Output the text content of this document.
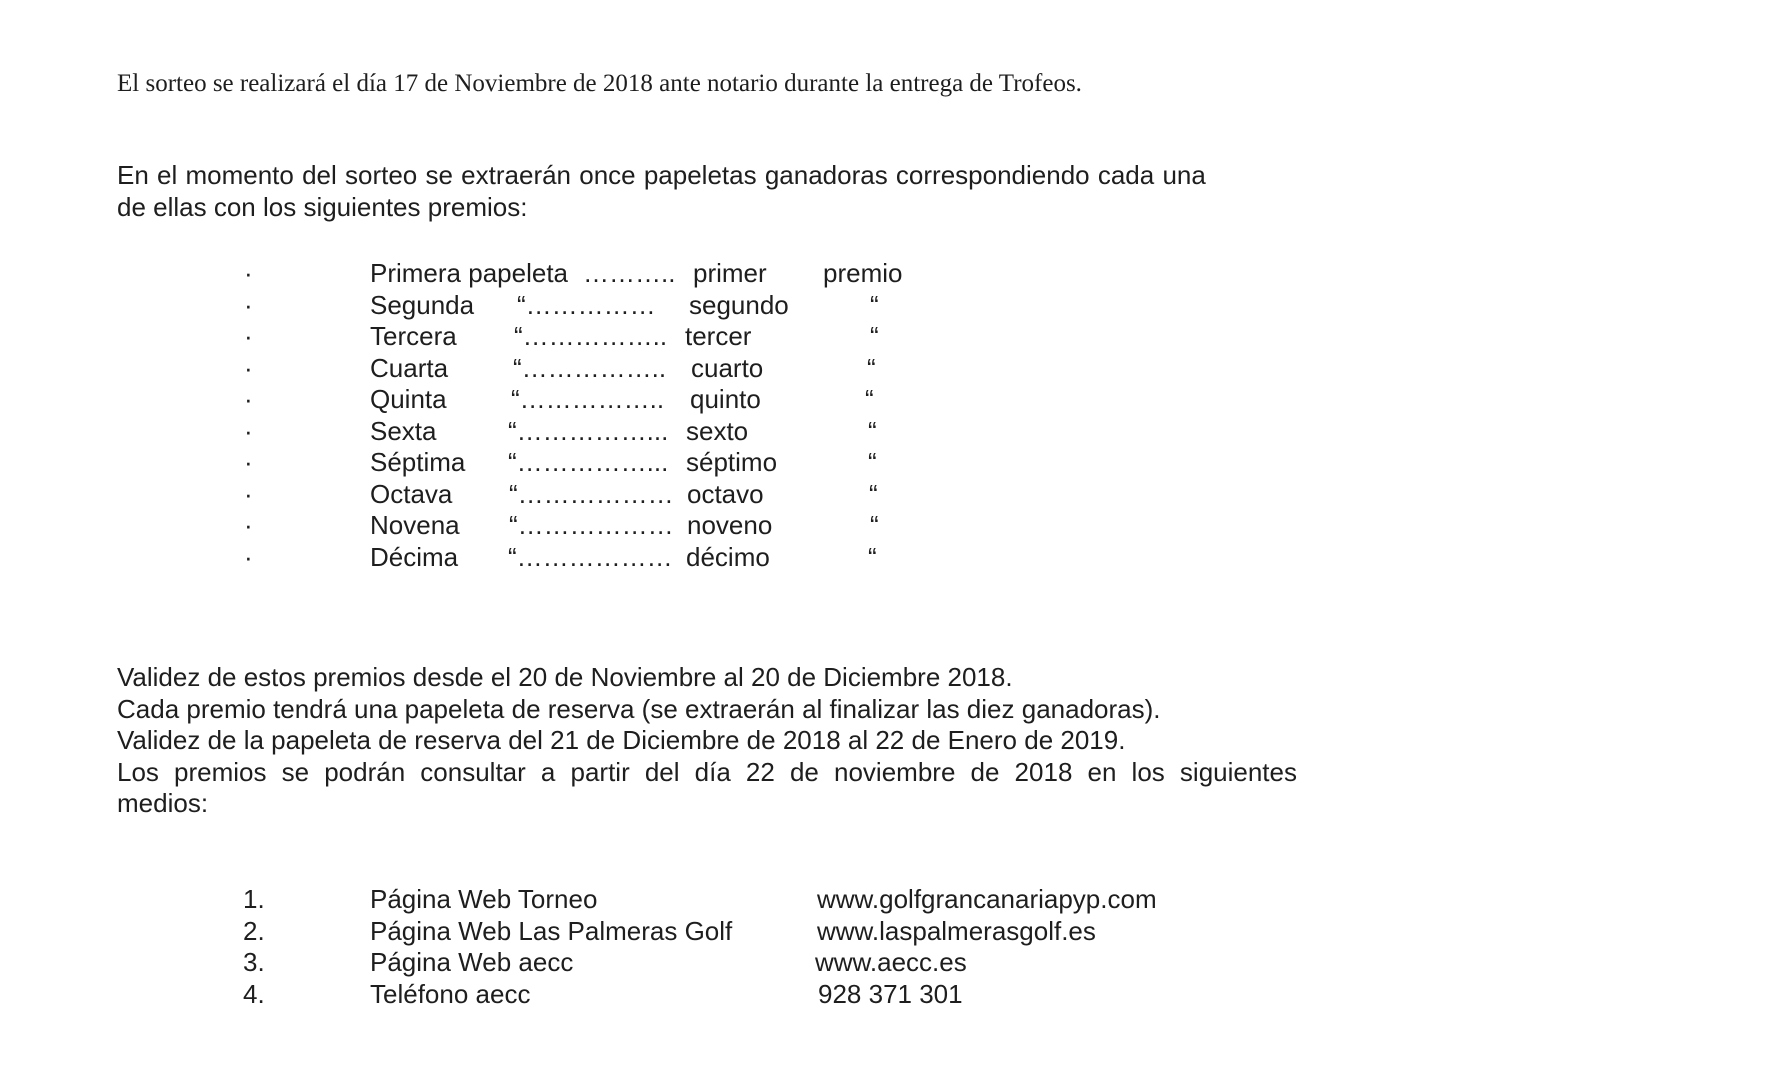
El sorteo se realizará el día 17 de Noviembre de 2018 ante notario durante la entrega de Trofeos.
En el momento del sorteo se extraerán once papeletas ganadoras correspondiendo cada una
de ellas con los siguientes premios:
·	Primera papeleta ……….. primer premio
·	Segunda “…………… segundo	“
·	Tercera “…………….. tercer	“
·	Cuarta “…………….. cuarto	“
·	Quinta “…………….. quinto	“
·	Sexta	“……………... sexto	“
·	Séptima “……………... séptimo	“
·	Octava “……………… octavo	“
·	Novena “……………… noveno	“
·	Décima “……………… décimo	“
Validez de estos premios desde el 20 de Noviembre al 20 de Diciembre 2018.
Cada premio tendrá una papeleta de reserva (se extraerán al finalizar las diez ganadoras).
Validez de la papeleta de reserva del 21 de Diciembre de 2018 al 22 de Enero de 2019.
Los premios se podrán consultar a partir del día 22 de noviembre de 2018 en los siguientes medios:
1.	Página Web Torneo	www.golfgrancanariapyp.com
2.	Página Web Las Palmeras Golf	www.laspalmerasgolf.es
3.	Página Web aecc	www.aecc.es
4.	Teléfono aecc	928 371 301
